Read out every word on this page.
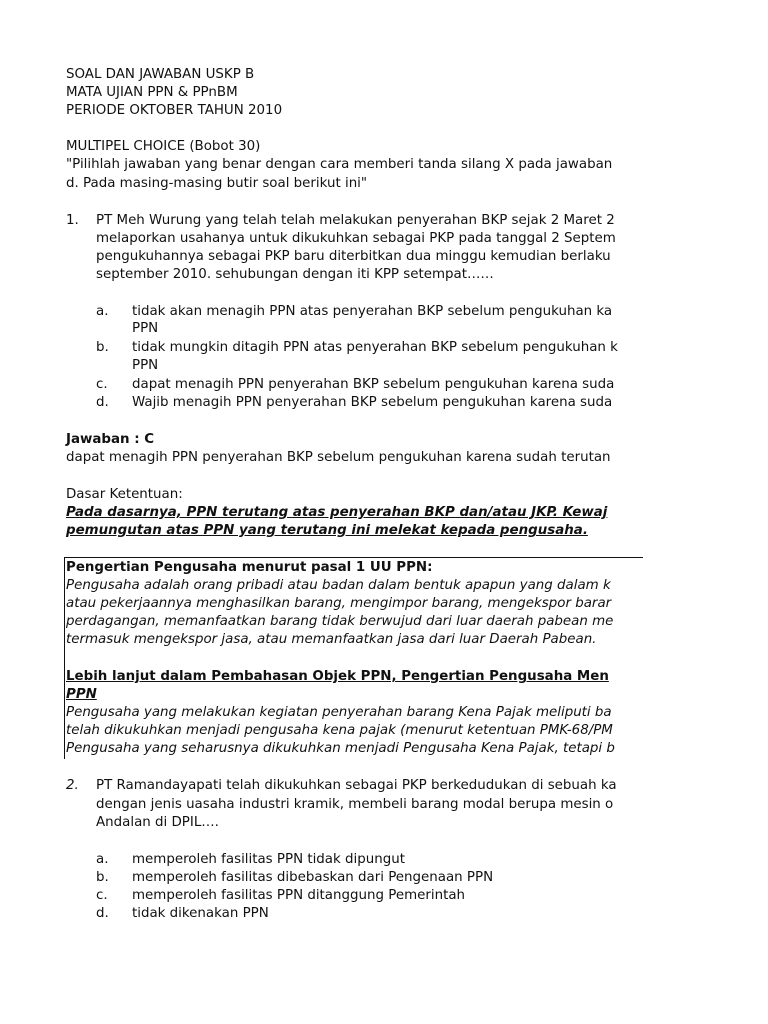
SOAL DAN JAWABAN USKP B
MATA UJIAN PPN & PPnBM
PERIODE OKTOBER TAHUN 2010
MULTIPEL CHOICE (Bobot 30)
"Pilihlah jawaban yang benar dengan cara memberi tanda silang X pada jawaban
d. Pada masing-masing butir soal berikut ini"
1. PT Meh Wurung yang telah telah melakukan penyerahan BKP sejak 2 Maret 2
melaporkan usahanya untuk dikukuhkan sebagai PKP pada tanggal 2 Septem
pengukuhannya sebagai PKP baru diterbitkan dua minggu kemudian berlaku
september 2010. sehubungan dengan iti KPP setempat……
a. tidak akan menagih PPN atas penyerahan BKP sebelum pengukuhan ka
PPN
b. tidak mungkin ditagih PPN atas penyerahan BKP sebelum pengukuhan k
PPN
c. dapat menagih PPN penyerahan BKP sebelum pengukuhan karena suda
d. Wajib menagih PPN penyerahan BKP sebelum pengukuhan karena suda
Jawaban : C
dapat menagih PPN penyerahan BKP sebelum pengukuhan karena sudah terutan
Dasar Ketentuan:
Pada dasarnya, PPN terutang atas penyerahan BKP dan/atau JKP. Kewaj
pemungutan atas PPN yang terutang ini melekat kepada pengusaha.
Pengertian Pengusaha menurut pasal 1 UU PPN:
Pengusaha adalah orang pribadi atau badan dalam bentuk apapun yang dalam k
atau pekerjaannya menghasilkan barang, mengimpor barang, mengekspor barar
perdagangan, memanfaatkan barang tidak berwujud dari luar daerah pabean me
termasuk mengekspor jasa, atau memanfaatkan jasa dari luar Daerah Pabean.
Lebih lanjut dalam Pembahasan Objek PPN, Pengertian Pengusaha Men
PPN
Pengusaha yang melakukan kegiatan penyerahan barang Kena Pajak meliputi ba
telah dikukuhkan menjadi pengusaha kena pajak (menurut ketentuan PMK-68/PM
Pengusaha yang seharusnya dikukuhkan menjadi Pengusaha Kena Pajak, tetapi b
2. PT Ramandayapati telah dikukuhkan sebagai PKP berkedudukan di sebuah ka
dengan jenis uasaha industri kramik, membeli barang modal berupa mesin o
Andalan di DPIL….
a. memperoleh fasilitas PPN tidak dipungut
b. memperoleh fasilitas dibebaskan dari Pengenaan PPN
c. memperoleh fasilitas PPN ditanggung Pemerintah
d. tidak dikenakan PPN
